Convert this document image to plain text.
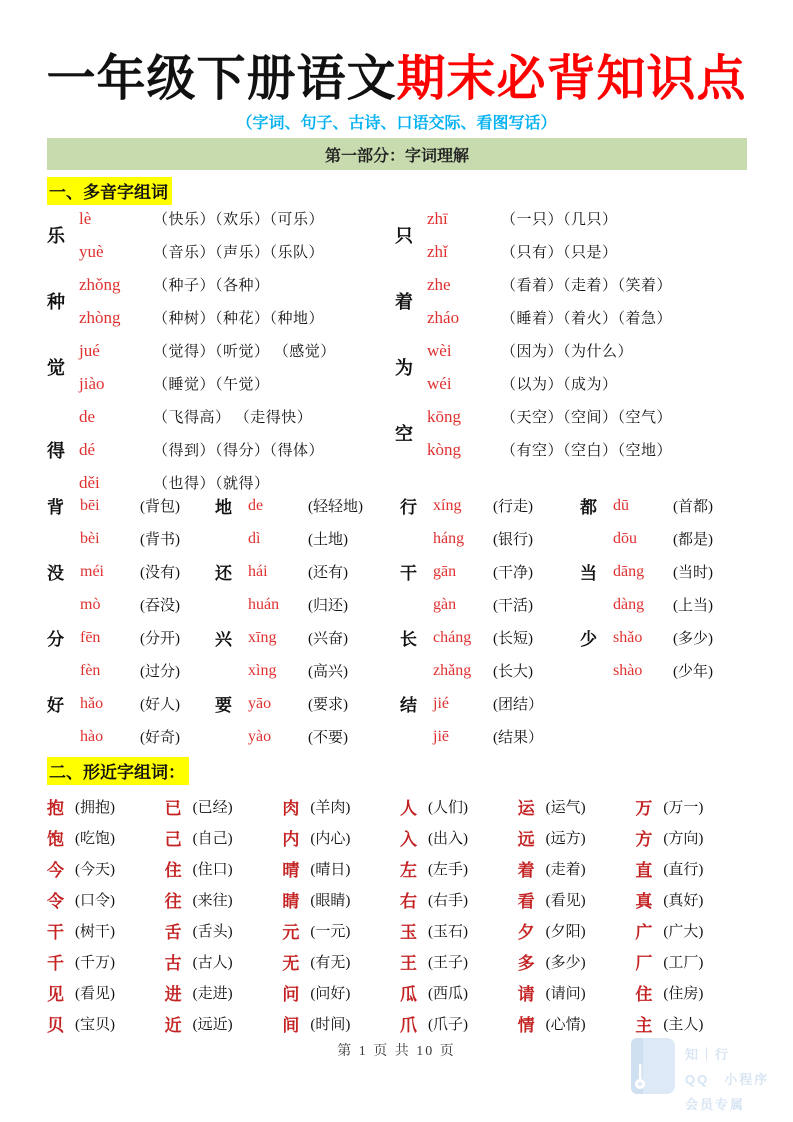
一年级下册语文期末必背知识点
（字词、句子、古诗、口语交际、看图写话）
第一部分：字词理解
一、多音字组词
乐
lè	（快乐）（欢乐）（可乐）
yuè	（音乐）（声乐）（乐队）
种
zhǒng	（种子）（各种）
zhòng	（种树）（种花）（种地）
觉
jué	（觉得）（听觉） （感觉）
jiào	（睡觉）（午觉）
得
de	（飞得高） （走得快）
dé	（得到）（得分）（得体）
děi	（也得）（就得）
只
zhī	（一只）（几只）
zhǐ	（只有）（只是）
着
zhe	（看着）（走着）（笑着）
zháo	（睡着）（着火）（着急）
为
wèi	（因为）（为什么）
wéi	（以为）（成为）
空
kōng	（天空）（空间）（空气）
kòng	（有空）（空白）（空地）
背	bēi	(背包) 地	de	(轻轻地) 行	xíng	(行走)	都	dū	(首都)
bèi	(背书)	dì	(土地)	háng	(银行)	dōu	(都是)
没	méi	(没有) 还	hái	(还有)	干	gān	(干净)	当	dāng	(当时)
mò	(吞没)	huán	(归还)	gàn	(干活)	dàng	(上当)
分	fēn	(分开) 兴	xīng	(兴奋)	长	cháng	(长短)	少	shǎo	(多少)
fèn	(过分)	xìng	(高兴)	zhǎng	(长大)	shào	(少年)
好	hǎo	(好人) 要	yāo	(要求)	结	jié	(团结）
hào	(好奇)	yào	(不要)	jiē	(结果）
二、形近字组词：
抱 (拥抱)	已 (已经)	肉 (羊肉)	人 (人们)	运 (运气)	万 (万一)
饱 (吃饱)	己 (自己)	内 (内心)	入 (出入)	远 (远方)	方 (方向)
今 (今天)	住 (住口)	晴 (晴日)	左 (左手)	着 (走着)	直 (直行)
令 (口令)	往 (来往)	睛 (眼睛)	右 (右手)	看 (看见)	真 (真好)
干 (树干)	舌 (舌头)	元 (一元)	玉 (玉石)	夕 (夕阳)	广 (广大)
千 (千万)	古 (古人)	无 (有无)	王 (王子)	多 (多少)	厂 (工厂)
见 (看见)	进 (走进)	问 (问好)	瓜 (西瓜)	请 (请问)	住 (住房)
贝 (宝贝)	近 (远近)	间 (时间)	爪 (爪子)	情 (心情)	主 (主人)
第 1 页 共 10 页	知｜行
QQ　小程序
会员专属
